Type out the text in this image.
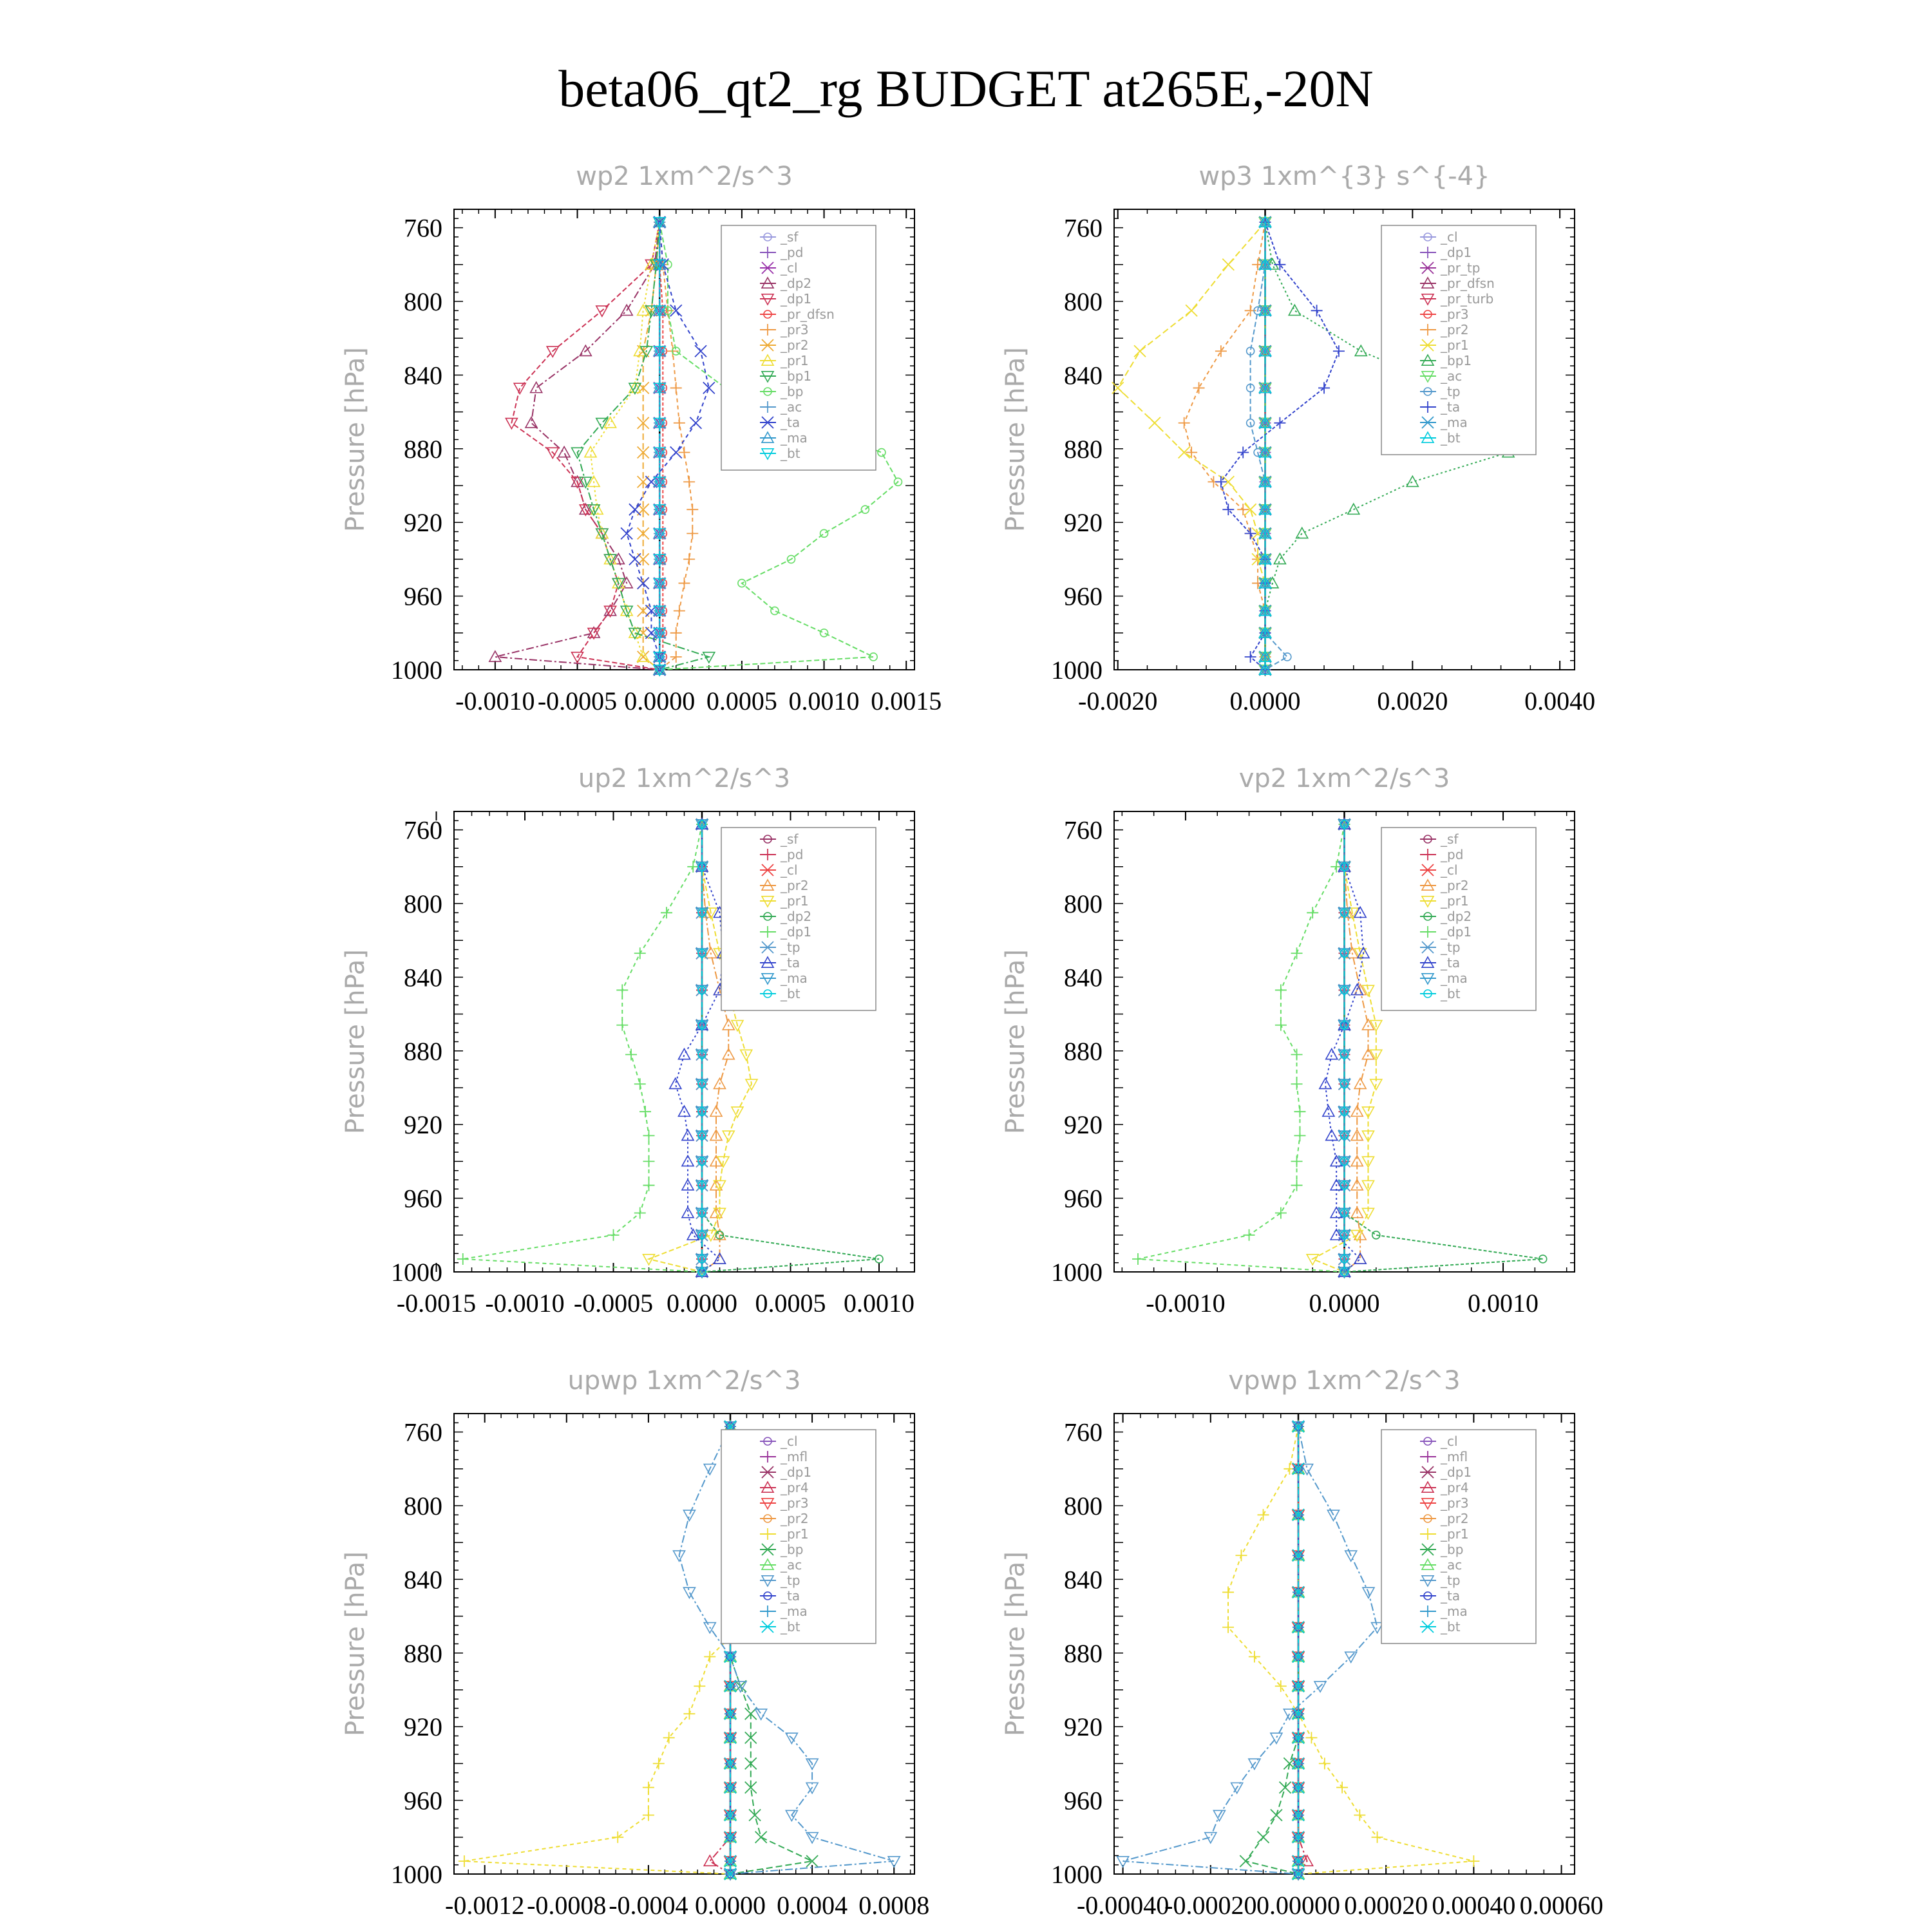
beta06_qt2_rg BUDGET at265E,-20N
wp2 1xm^2/s^3
Pressure [hPa]
-0.0010 -0.0005 0.0000 0.0005 0.0010 0.0015
760
800
840
880
920
960
1000
_sf
_pd
_cl
_dp2
_dp1
_pr_dfsn
_pr3
_pr2
_pr1
_bp1
_bp
_ac
_ta
_ma
_bt
wp3 1xm^{3} s^{-4}
Pressure [hPa]
-0.0020	0.0000	0.0020	0.0040
760
800
840
880
920
960
1000
_cl
_dp1
_pr_tp
_pr_dfsn
_pr_turb
_pr3
_pr2
_pr1
_bp1
_ac
_tp
_ta
_ma
_bt
up2 1xm^2/s^3
Pressure [hPa]
-0.0015 -0.0010 -0.0005 0.0000 0.0005 0.0010
760
800
840
880
920
960
1000
_sf
_pd
_cl
_pr2
_pr1
_dp2
_dp1
_tp
_ta
_ma
_bt
vp2 1xm^2/s^3
Pressure [hPa]
-0.0010	0.0000	0.0010
760
800
840
880
920
960
1000
_sf
_pd
_cl
_pr2
_pr1
_dp2
_dp1
_tp
_ta
_ma
_bt
upwp 1xm^2/s^3
Pressure [hPa]
-0.0012 -0.0008 -0.0004 0.0000 0.0004 0.0008
760
800
840
880
920
960
1000
_cl
_mfl
_dp1
_pr4
_pr3
_pr2
_pr1
_bp
_ac
_tp
_ta
_ma
_bt
vpwp 1xm^2/s^3
Pressure [hPa]
-0.00040
-0.00020 0.00000 0.00020 0.00040 0.00060
760
800
840
880
920
960
1000
_cl
_mfl
_dp1
_pr4
_pr3
_pr2
_pr1
_bp
_ac
_tp
_ta
_ma
_bt
